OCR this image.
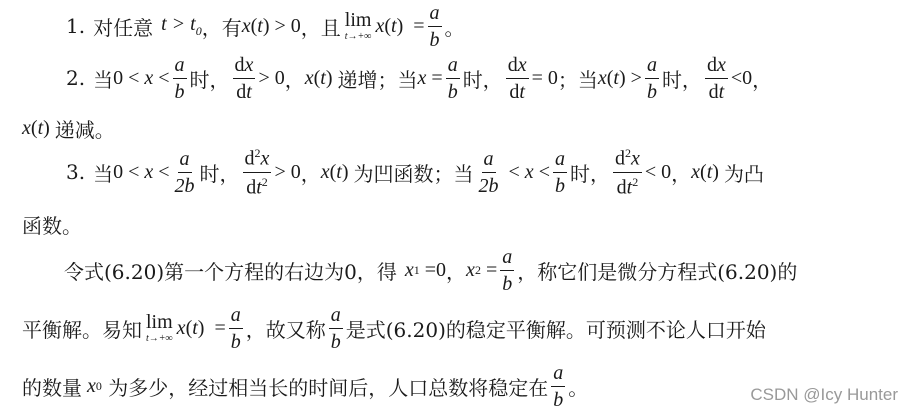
1. 对任意 $t > t_0$ ，有 x ( t ) > 0 ，且 lim
t→+∞ x ( t )  = $\frac{a}{b}$ 。
2. 当 $0 < x < \frac{a}{b}$ 时， $\frac{dx}{dt} > 0$ ， x ( t ) 递增；当 $x = \frac{a}{b}$ 时， $\frac{dx}{dt} = 0$ ；当 x ( t ) > $\frac{a}{b}$ 时， $\frac{dx}{dt} <0$ ，
x ( t ) 递减。
3. 当 $0 < x < \frac{a}{2b}$ 时， $\frac{d^2x}{dt^2} > 0$ ， x ( t ) 为凹函数；当 $\frac{a}{2b} < x < \frac{a}{b}$ 时， $\frac{d^2x}{dt^2} < 0$ ， x ( t ) 为凸
函数。
令式(6.20)第一个方程的右边为0，得 x 1 =0 ， x $2 = \frac{a}{b}$ ，称它们是微分方程式(6.20)的
平衡解。易知 lim
t→+∞ x ( t )  = $\frac{a}{b}$ ，故又称 $\frac{a}{b}$ 是式(6.20)的稳定平衡解。可预测不论人口开始
的数量 x 0
为多少，经过相当长的时间后，人口总数将稳定在 $\frac{a}{b}$ 。	CSDN @Icy Hunter
